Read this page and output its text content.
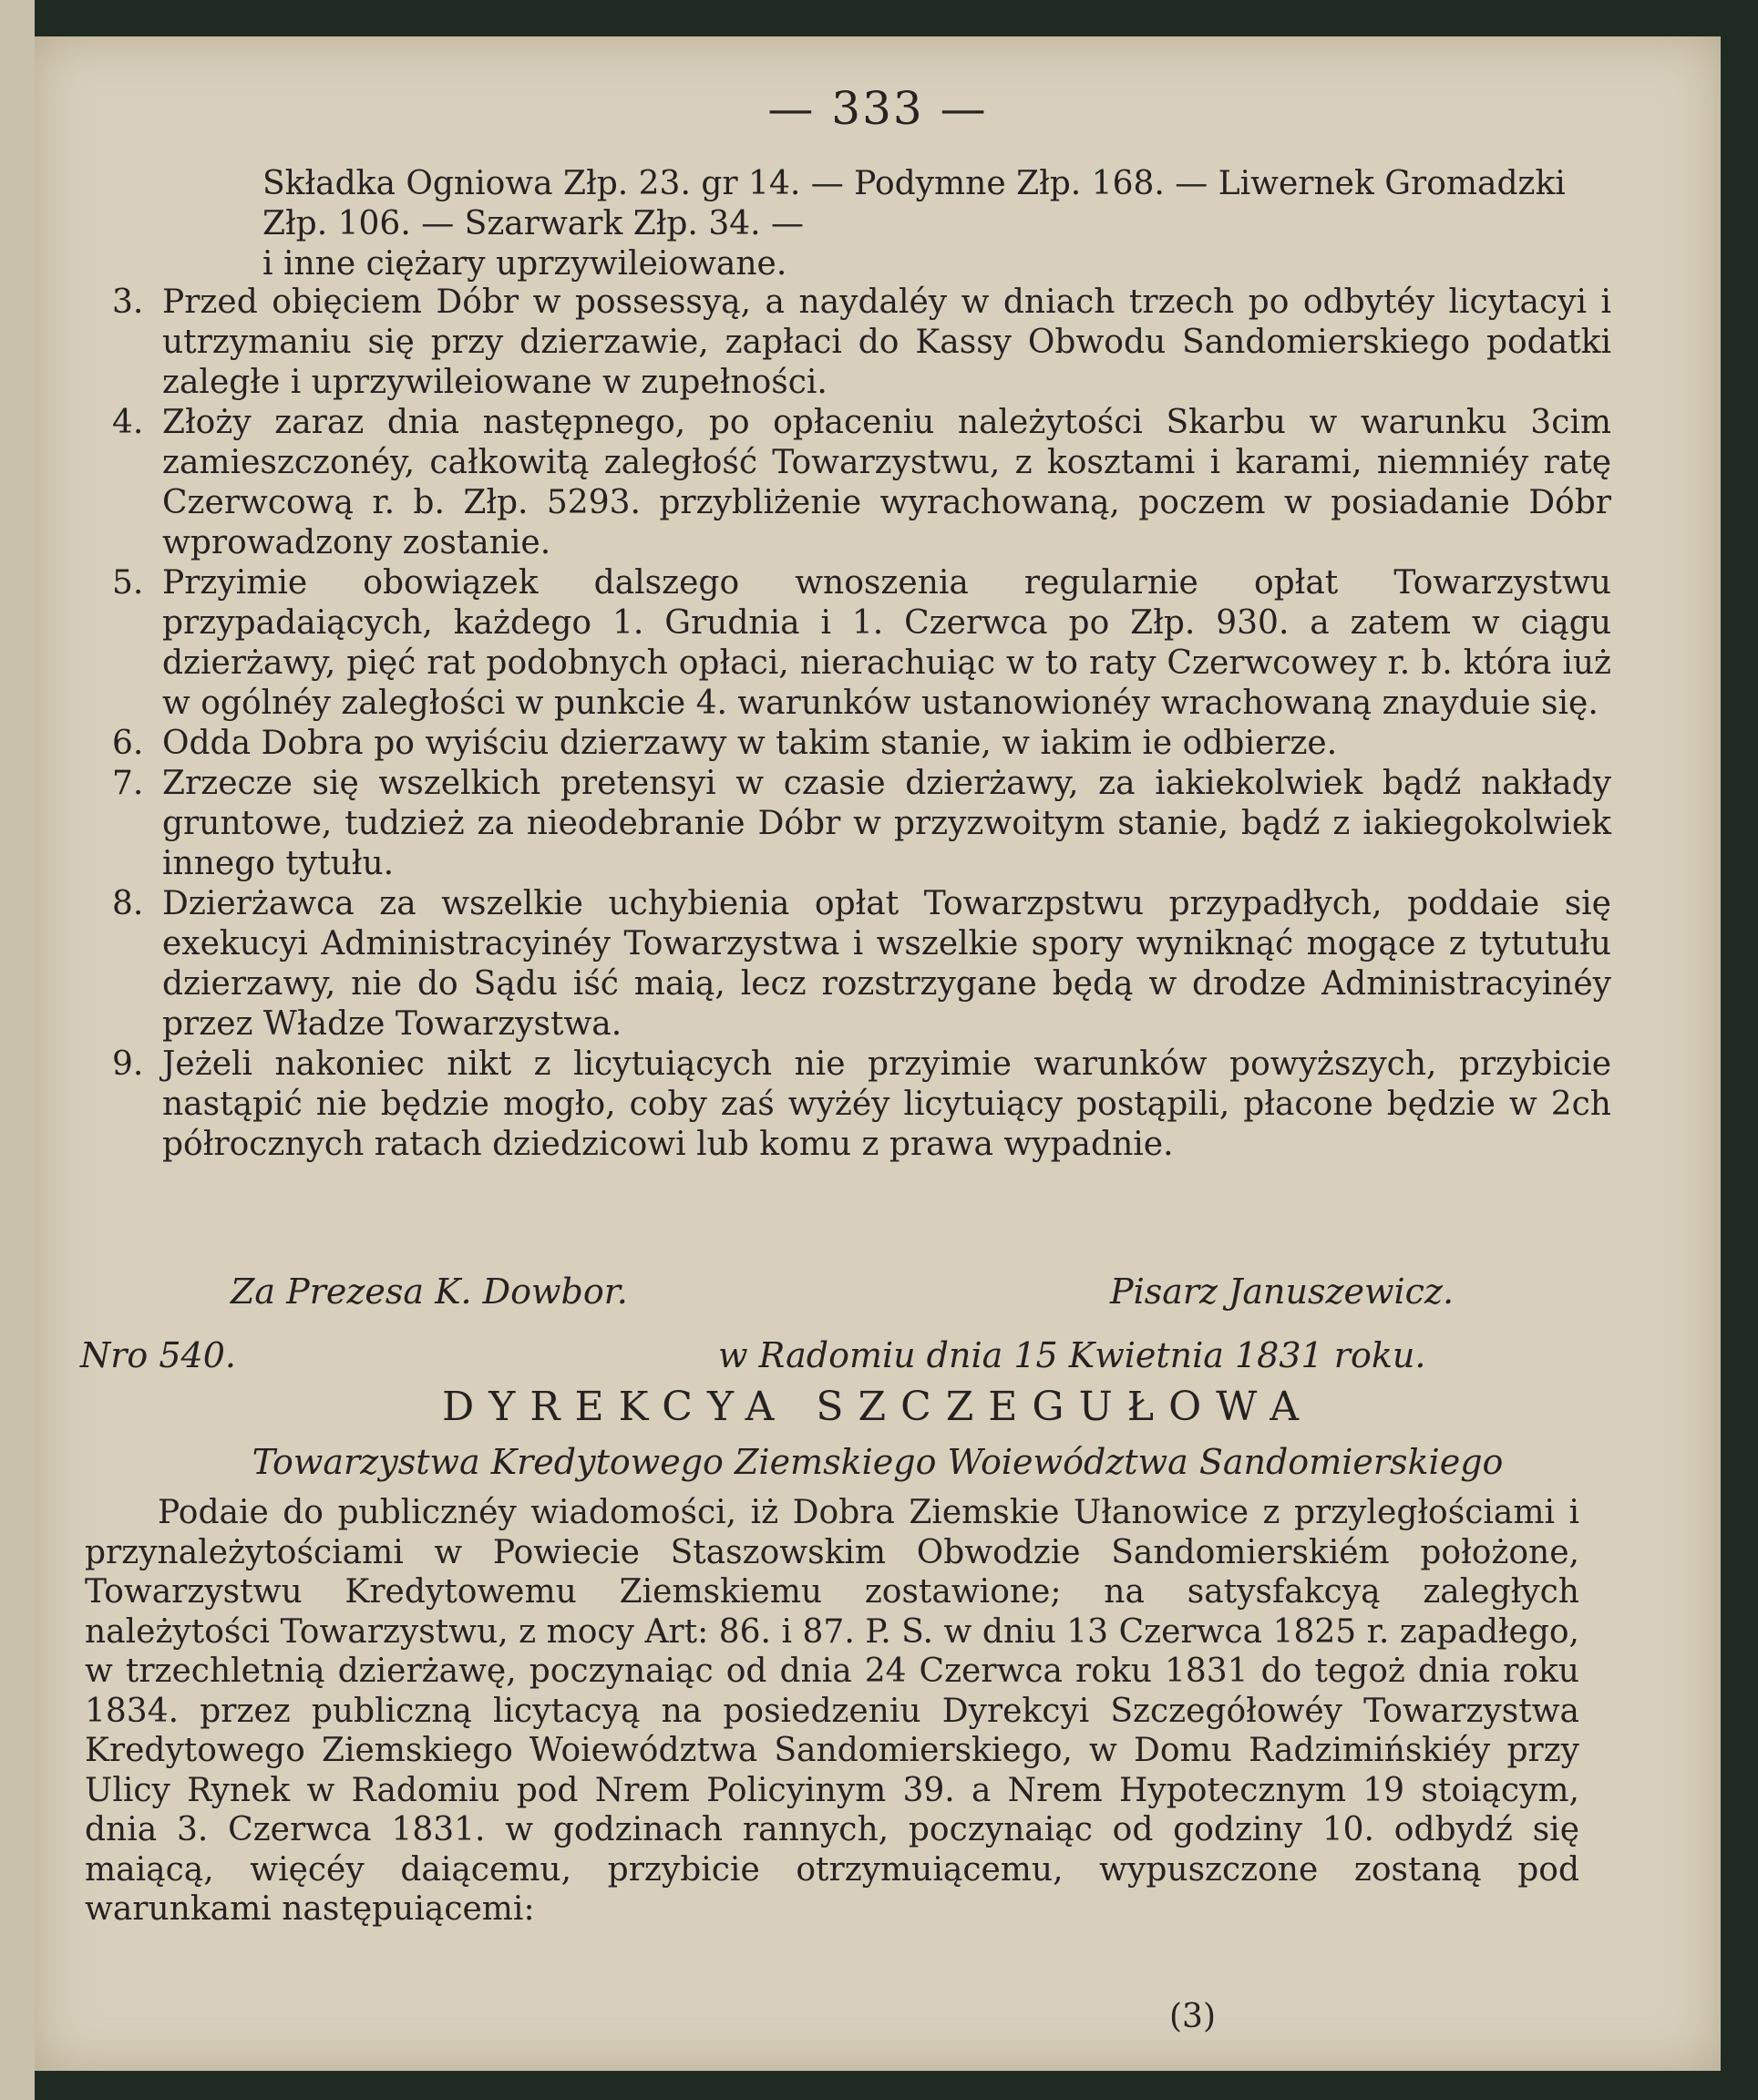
— 333 —

Składka Ogniowa Złp. 23. gr 14. — Podymne Złp. 168. — Liwernek Gromadzki Złp. 106. — Szarwark Złp. 34. —

i inne ciężary uprzywileiowane.

3. Przed obięciem Dóbr w possessyą, a naydaléy w dniach trzech po odbytéy licytacyi i utrzymaniu się przy dzierzawie, zapłaci do Kassy Obwodu Sandomierskiego podatki zaległe i uprzywileiowane w zupełności.
4. Złoży zaraz dnia następnego, po opłaceniu należytości Skarbu w warunku 3cim zamieszczonéy, całkowitą zaległość Towarzystwu, z kosztami i karami, niemniéy ratę Czerwcową r. b. Złp. 5293. przybliżenie wyrachowaną, poczem w posiadanie Dóbr wprowadzony zostanie.
5. Przyimie obowiązek dalszego wnoszenia regularnie opłat Towarzystwu przypadaiących, każdego 1. Grudnia i 1. Czerwca po Złp. 930. a zatem w ciągu dzierżawy, pięć rat podobnych opłaci, nierachuiąc w to raty Czerwcowey r. b. która iuż w ogólnéy zaległości w punkcie 4. warunków ustanowionéy wrachowaną znayduie się.
6. Odda Dobra po wyiściu dzierzawy w takim stanie, w iakim ie odbierze.
7. Zrzecze się wszelkich pretensyi w czasie dzierżawy, za iakiekolwiek bądź nakłady gruntowe, tudzież za nieodebranie Dóbr w przyzwoitym stanie, bądź z iakiegokolwiek innego tytułu.
8. Dzierżawca za wszelkie uchybienia opłat Towarzpstwu przypadłych, poddaie się exekucyi Administracyinéy Towarzystwa i wszelkie spory wyniknąć mogące z tytutułu dzierzawy, nie do Sądu iść maią, lecz rozstrzygane będą w drodze Administracyinéy przez Władze Towarzystwa.
9. Jeżeli nakoniec nikt z licytuiących nie przyimie warunków powyższych, przybicie nastąpić nie będzie mogło, coby zaś wyżéy licytuiący postąpili, płacone będzie w 2ch półrocznych ratach dziedzicowi lub komu z prawa wypadnie.
Za Prezesa K. Dowbor.	Pisarz Januszewicz.
Nro 540.	w Radomiu dnia 15 Kwietnia 1831 roku.
DYREKCYA SZCZEGUŁOWA
Towarzystwa Kredytowego Ziemskiego Woiewództwa Sandomierskiego
Podaie do publicznéy wiadomości, iż Dobra Ziemskie Ułanowice z przyległościami i przynależytościami w Powiecie Staszowskim Obwodzie Sandomierskiém położone, Towarzystwu Kredytowemu Ziemskiemu zostawione; na satysfakcyą zaległych należytości Towarzystwu, z mocy Art: 86. i 87. P. S. w dniu 13 Czerwca 1825 r. zapadłego, w trzechletnią dzierżawę, poczynaiąc od dnia 24 Czerwca roku 1831 do tegoż dnia roku 1834. przez publiczną licytacyą na posiedzeniu Dyrekcyi Szczegółowéy Towarzystwa Kredytowego Ziemskiego Woiewództwa Sandomierskiego, w Domu Radzimińskiéy przy Ulicy Rynek w Radomiu pod Nrem Policyinym 39. a Nrem Hypotecznym 19 stoiącym, dnia 3. Czerwca 1831. w godzinach rannych, poczynaiąc od godziny 10. odbydź się maiącą, więcéy daiącemu, przybicie otrzymuiącemu, wypuszczone zostaną pod warunkami następuiącemi:
(3)
